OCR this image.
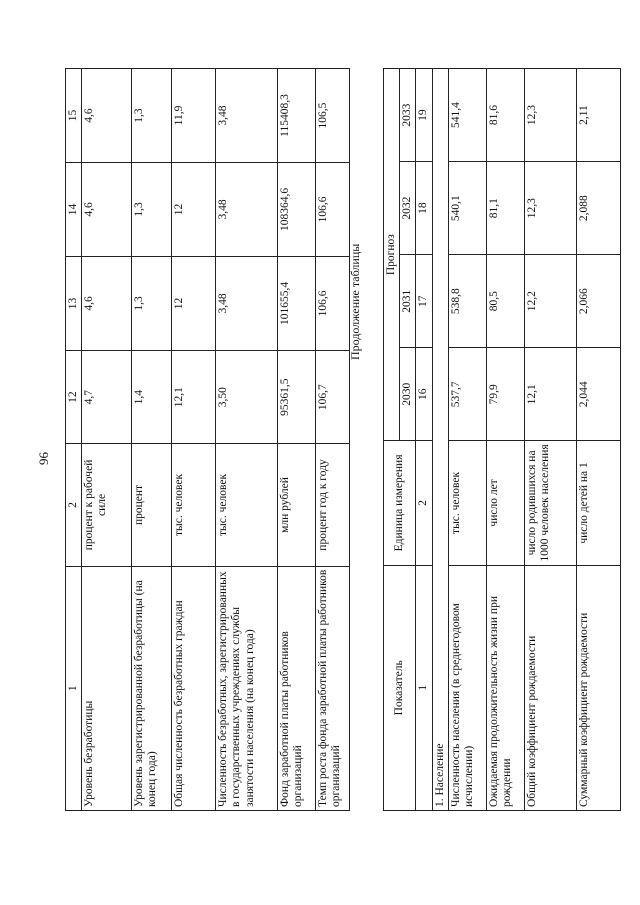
96
1	2	12	13	14	15
Уровень безработицы	процент к рабочей силе	4,7	4,6	4,6	4,6
Уровень зарегистрированной безработицы (на конец года)	процент	1,4	1,3	1,3	1,3
Общая численность безработных граждан	тыс. человек	12,1	12	12	11,9
Численность безработных, зарегистрированных в государственных учреждениях службы занятости населения (на конец года)	тыс. человек	3,50	3,48	3,48	3,48
Фонд заработной платы работников организаций	млн рублей	95361,5	101655,4	108364,6	115408,3
Темп роста фонда заработной платы работников организаций	процент год к году	106,7	106,6	106,6	106,5
Продолжение таблицы
Показатель	Единица измерения	Прогноз			
		2030	2031	2032	2033
1	2	16	17	18	19
1. Население					
Численность населения (в среднегодовом исчислении)	тыс. человек	537,7	538,8	540,1	541,4
Ожидаемая продолжительность жизни при рождении	число лет	79,9	80,5	81,1	81,6
Общий коэффициент рождаемости	число родившихся на 1000 человек населения	12,1	12,2	12,3	12,3
Суммарный коэффициент рождаемости	число детей на 1	2,044	2,066	2,088	2,11
